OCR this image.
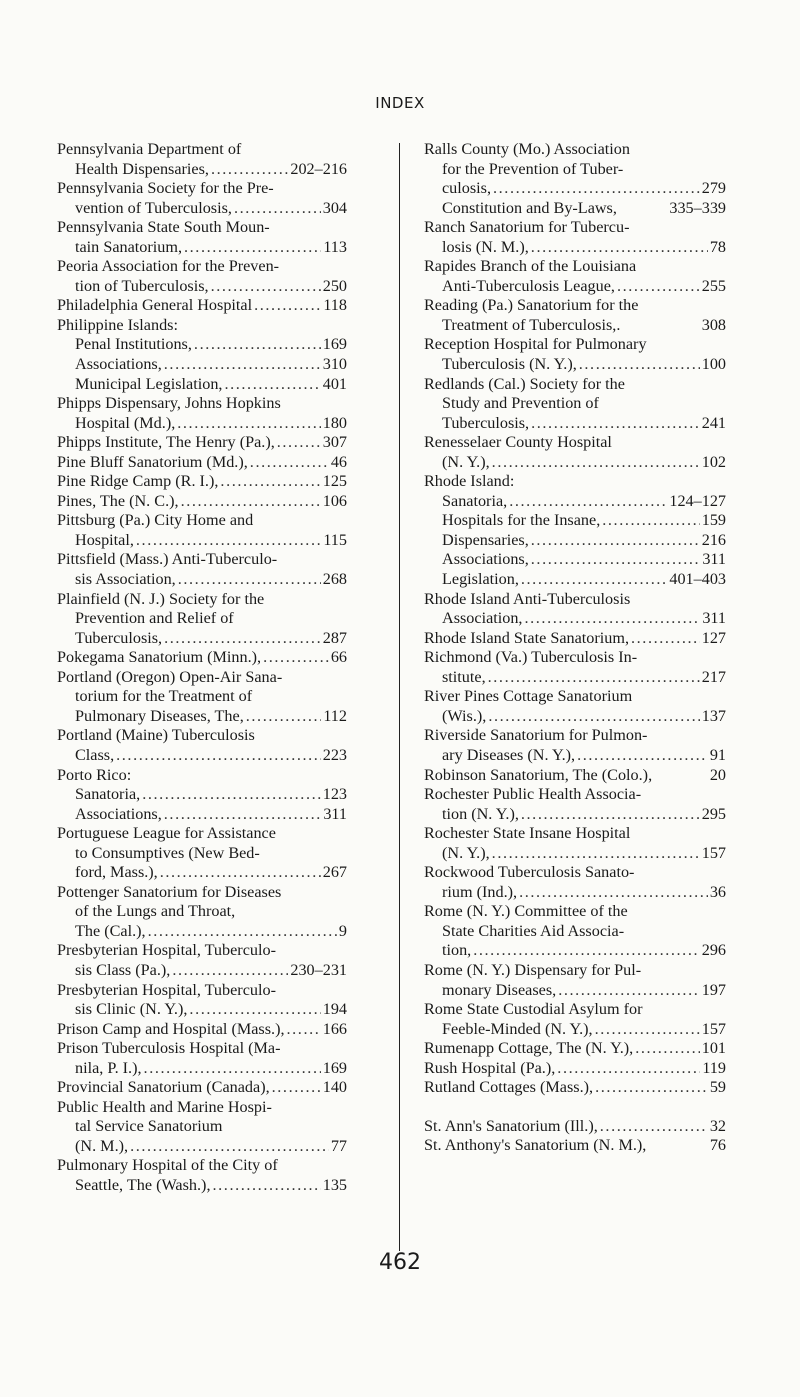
INDEX
Pennsylvania Department of
Health Dispensaries, .....	202–216
Pennsylvania Society for the Pre-
vention of Tuberculosis, .....	304
Pennsylvania State South Moun-
tain Sanatorium, .....	113
Peoria Association for the Preven-
tion of Tuberculosis, .....	250
Philadelphia General Hospital .....	118
Philippine Islands:
Penal Institutions, .....	169
Associations, .....	310
Municipal Legislation, .....	401
Phipps Dispensary, Johns Hopkins
Hospital (Md.), .....	180
Phipps Institute, The Henry (Pa.), .....	307
Pine Bluff Sanatorium (Md.), .....	46
Pine Ridge Camp (R. I.), .....	125
Pines, The (N. C.), .....	106
Pittsburg (Pa.) City Home and
Hospital, .....	115
Pittsfield (Mass.) Anti-Tuberculo-
sis Association, .....	268
Plainfield (N. J.) Society for the
Prevention and Relief of
Tuberculosis, .....	287
Pokegama Sanatorium (Minn.), .....	66
Portland (Oregon) Open-Air Sana-
torium for the Treatment of
Pulmonary Diseases, The, .....	112
Portland (Maine) Tuberculosis
Class, .....	223
Porto Rico:
Sanatoria, .....	123
Associations, .....	311
Portuguese League for Assistance
to Consumptives (New Bed-
ford, Mass.), .....	267
Pottenger Sanatorium for Diseases
of the Lungs and Throat,
The (Cal.), .....	9
Presbyterian Hospital, Tuberculo-
sis Class (Pa.), .....	230–231
Presbyterian Hospital, Tuberculo-
sis Clinic (N. Y.), .....	194
Prison Camp and Hospital (Mass.), ..... 166
Prison Tuberculosis Hospital (Ma-
nila, P. I.), .....	169
Provincial Sanatorium (Canada), .....	140
Public Health and Marine Hospi-
tal Service Sanatorium
(N. M.), .....	77
Pulmonary Hospital of the City of
Seattle, The (Wash.), .....	135
Ralls County (Mo.) Association
for the Prevention of Tuber-
culosis, .....	279
Constitution and By-Laws,	335–339
Ranch Sanatorium for Tubercu-
losis (N. M.), .....	78
Rapides Branch of the Louisiana
Anti-Tuberculosis League, .....	255
Reading (Pa.) Sanatorium for the
Treatment of Tuberculosis,.	308
Reception Hospital for Pulmonary
Tuberculosis (N. Y.), .....	100
Redlands (Cal.) Society for the
Study and Prevention of
Tuberculosis, .....	241
Renesselaer County Hospital
(N. Y.), .....	102
Rhode Island:
Sanatoria, .....	124–127
Hospitals for the Insane, .....	159
Dispensaries, .....	216
Associations, .....	311
Legislation, .....	401–403
Rhode Island Anti-Tuberculosis
Association, .....	311
Rhode Island State Sanatorium, .....	127
Richmond (Va.) Tuberculosis In-
stitute, .....	217
River Pines Cottage Sanatorium
(Wis.), .....	137
Riverside Sanatorium for Pulmon-
ary Diseases (N. Y.), .....	91
Robinson Sanatorium, The (Colo.),	20
Rochester Public Health Associa-
tion (N. Y.), .....	295
Rochester State Insane Hospital
(N. Y.), .....	157
Rockwood Tuberculosis Sanato-
rium (Ind.), .....	36
Rome (N. Y.) Committee of the
State Charities Aid Associa-
tion, .....	296
Rome (N. Y.) Dispensary for Pul-
monary Diseases, .....	197
Rome State Custodial Asylum for
Feeble-Minded (N. Y.), .....	157
Rumenapp Cottage, The (N. Y.), .....	101
Rush Hospital (Pa.), .....	119
Rutland Cottages (Mass.), .....	59
St. Ann's Sanatorium (Ill.), .....	32
St. Anthony's Sanatorium (N. M.),	76
462
